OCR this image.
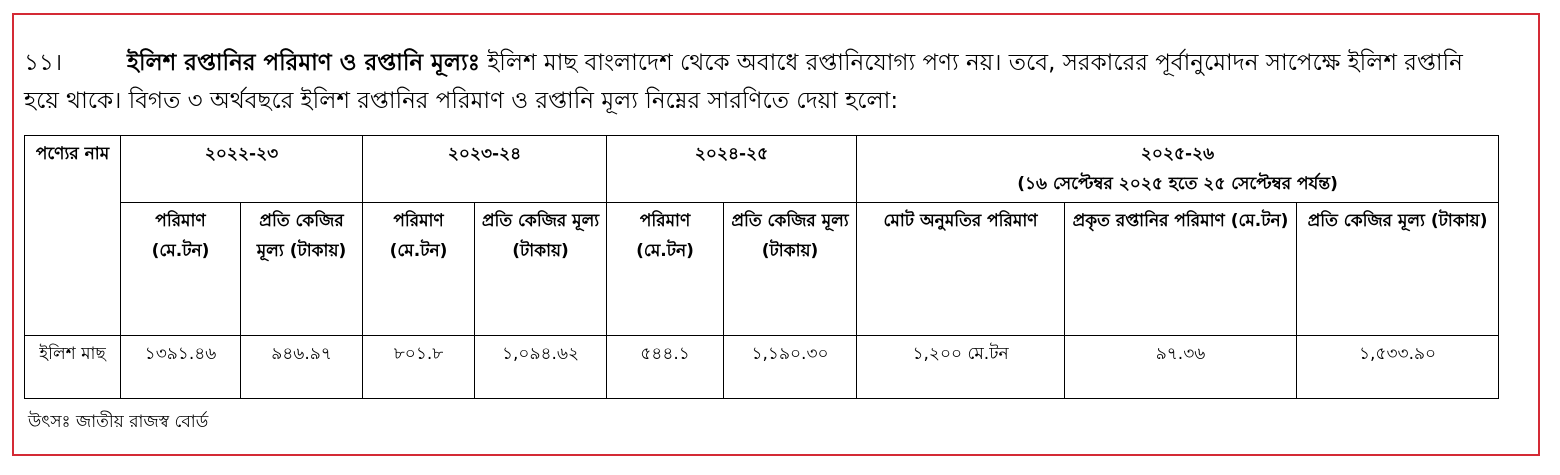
১১।	ইলিশ রপ্তানির পরিমাণ ও রপ্তানি মূল্যঃ ইলিশ মাছ বাংলাদেশ থেকে অবাধে রপ্তানিযোগ্য পণ্য নয়। তবে, সরকারের পূর্বানুমোদন সাপেক্ষে ইলিশ রপ্তানি হয়ে থাকে। বিগত ৩ অর্থবছরে ইলিশ রপ্তানির পরিমাণ ও রপ্তানি মূল্য নিম্নের সারণিতে দেয়া হলো:

পণ্যের নাম	২০২২-২৩		২০২৩-২৪		২০২৪-২৫		২০২৫-২৬
(১৬ সেপ্টেম্বর ২০২৫ হতে ২৫ সেপ্টেম্বর পর্যন্ত)		

	পরিমাণ (মে.টন)	প্রতি কেজির মূল্য (টাকায়)	পরিমাণ (মে.টন)	প্রতি কেজির মূল্য (টাকায়)	পরিমাণ (মে.টন)	প্রতি কেজির মূল্য (টাকায়)	মোট অনুমতির পরিমাণ	প্রকৃত রপ্তানির পরিমাণ (মে.টন)	প্রতি কেজির মূল্য (টাকায়)
ইলিশ মাছ	১৩৯১.৪৬	৯৪৬.৯৭	৮০১.৮	১,০৯৪.৬২	৫৪৪.১	১,১৯০.৩০	১,২০০ মে.টন	৯৭.৩৬	১,৫৩৩.৯০
উৎসঃ জাতীয় রাজস্ব বোর্ড
